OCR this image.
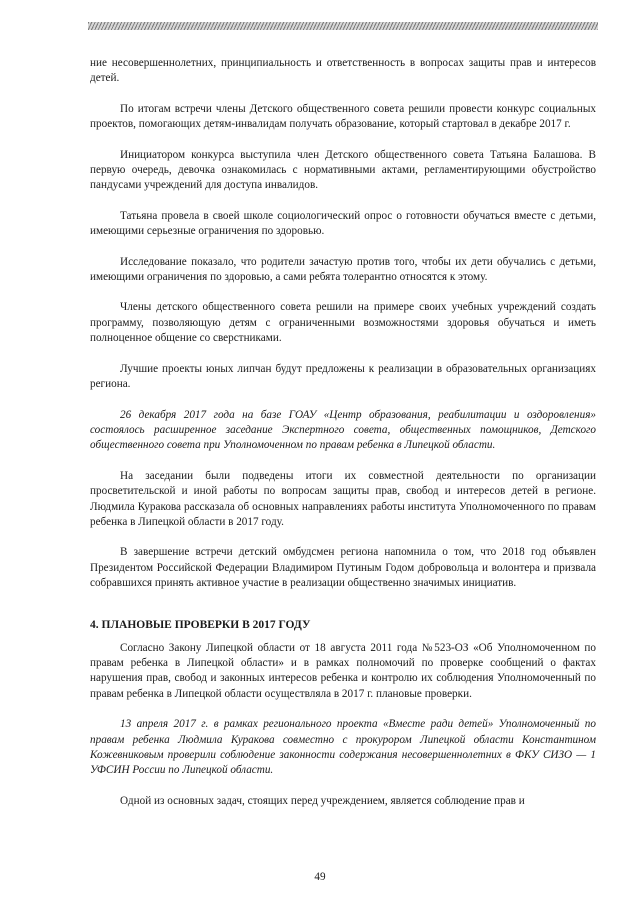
ние несовершеннолетних, принципиальность и ответственность в вопросах защиты прав и интересов детей.

По итогам встречи члены Детского общественного совета решили провести конкурс социальных проектов, помогающих детям-инвалидам получать образование, который стартовал в декабре 2017 г.

Инициатором конкурса выступила член Детского общественного совета Татьяна Балашова. В первую очередь, девочка ознакомилась с нормативными актами, регламентирующими обустройство пандусами учреждений для доступа инвалидов.

Татьяна провела в своей школе социологический опрос о готовности обучаться вместе с детьми, имеющими серьезные ограничения по здоровью.

Исследование показало, что родители зачастую против того, чтобы их дети обучались с детьми, имеющими ограничения по здоровью, а сами ребята толерантно относятся к этому.

Члены детского общественного совета решили на примере своих учебных учреждений создать программу, позволяющую детям с ограниченными возможностями здоровья обучаться и иметь полноценное общение со сверстниками.

Лучшие проекты юных липчан будут предложены к реализации в образовательных организациях региона.

26 декабря 2017 года на базе ГОАУ «Центр образования, реабилитации и оздоровления» состоялось расширенное заседание Экспертного совета, общественных помощников, Детского общественного совета при Уполномоченном по правам ребенка в Липецкой области.

На заседании были подведены итоги их совместной деятельности по организации просветительской и иной работы по вопросам защиты прав, свобод и интересов детей в регионе. Людмила Куракова рассказала об основных направлениях работы института Уполномоченного по правам ребенка в Липецкой области в 2017 году.

В завершение встречи детский омбудсмен региона напомнила о том, что 2018 год объявлен Президентом Российской Федерации Владимиром Путиным Годом добровольца и волонтера и призвала собравшихся принять активное участие в реализации общественно значимых инициатив.

4. ПЛАНОВЫЕ ПРОВЕРКИ В 2017 ГОДУ

Согласно Закону Липецкой области от 18 августа 2011 года №523-ОЗ «Об Уполномоченном по правам ребенка в Липецкой области» и в рамках полномочий по проверке сообщений о фактах нарушения прав, свобод и законных интересов ребенка и контролю их соблюдения Уполномоченный по правам ребенка в Липецкой области осуществляла в 2017 г. плановые проверки.

13 апреля 2017 г. в рамках регионального проекта «Вместе ради детей» Уполномоченный по правам ребенка Людмила Куракова совместно с прокурором Липецкой области Константином Кожевниковым проверили соблюдение законности содержания несовершеннолетних в ФКУ СИЗО — 1 УФСИН России по Липецкой области.

Одной из основных задач, стоящих перед учреждением, является соблюдение прав и

49
